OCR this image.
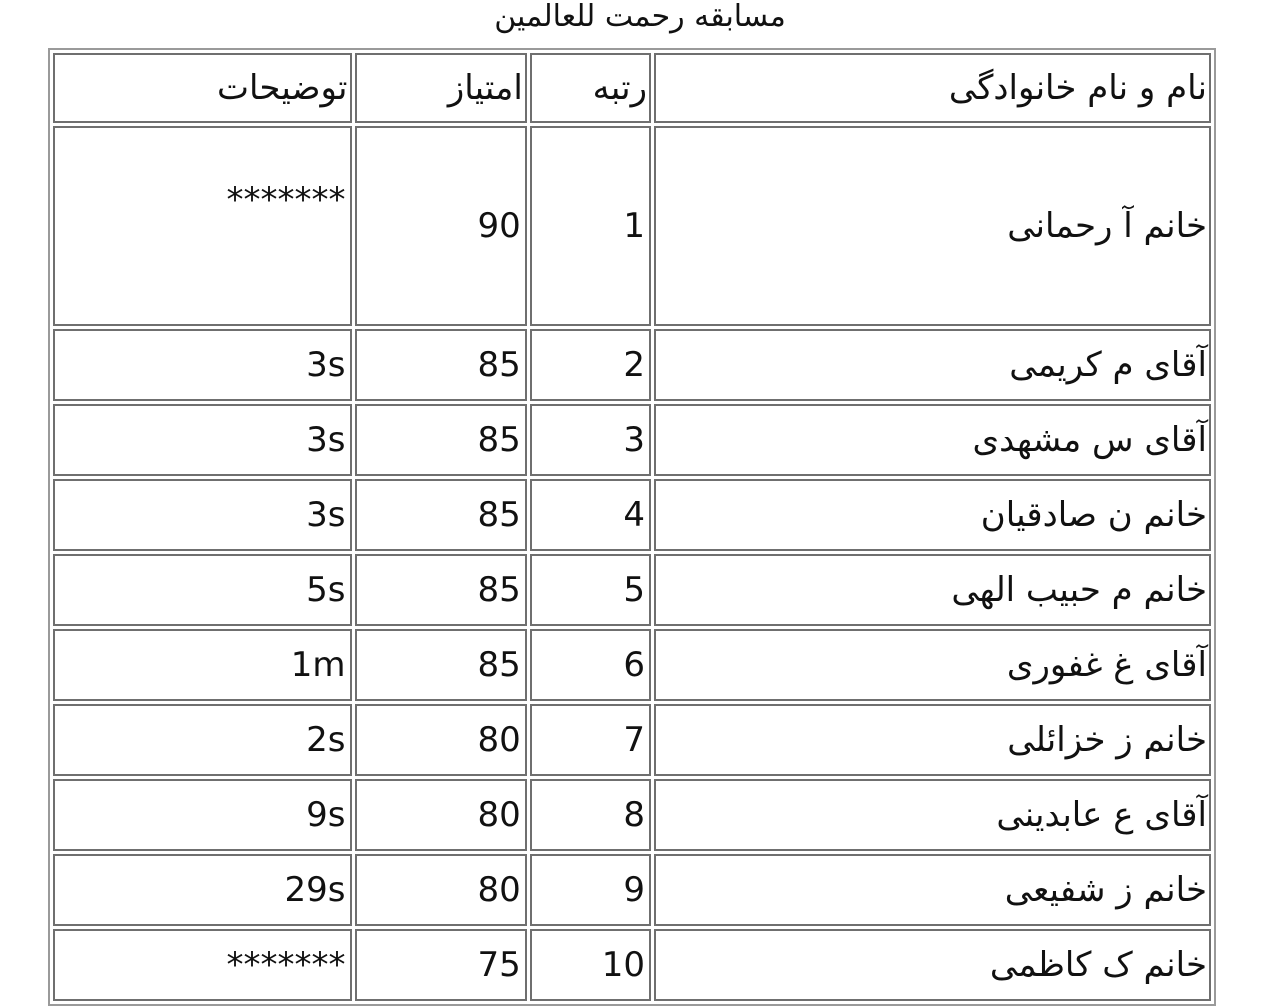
مسابقه رحمت للعالمین
توضیحات	امتیاز	رتبه	نام و نام خانوادگی
*******	90	1	خانم آ رحمانی
3s	85	2	آقای م کریمی
3s	85	3	آقای س مشهدی
3s	85	4	خانم ن صادقیان
5s	85	5	خانم م حبیب الهی
1m	85	6	آقای غ غفوری
2s	80	7	خانم ز خزائلی
9s	80	8	آقای ع عابدینی
29s	80	9	خانم ز شفیعی
*******	75	10	خانم ک کاظمی
